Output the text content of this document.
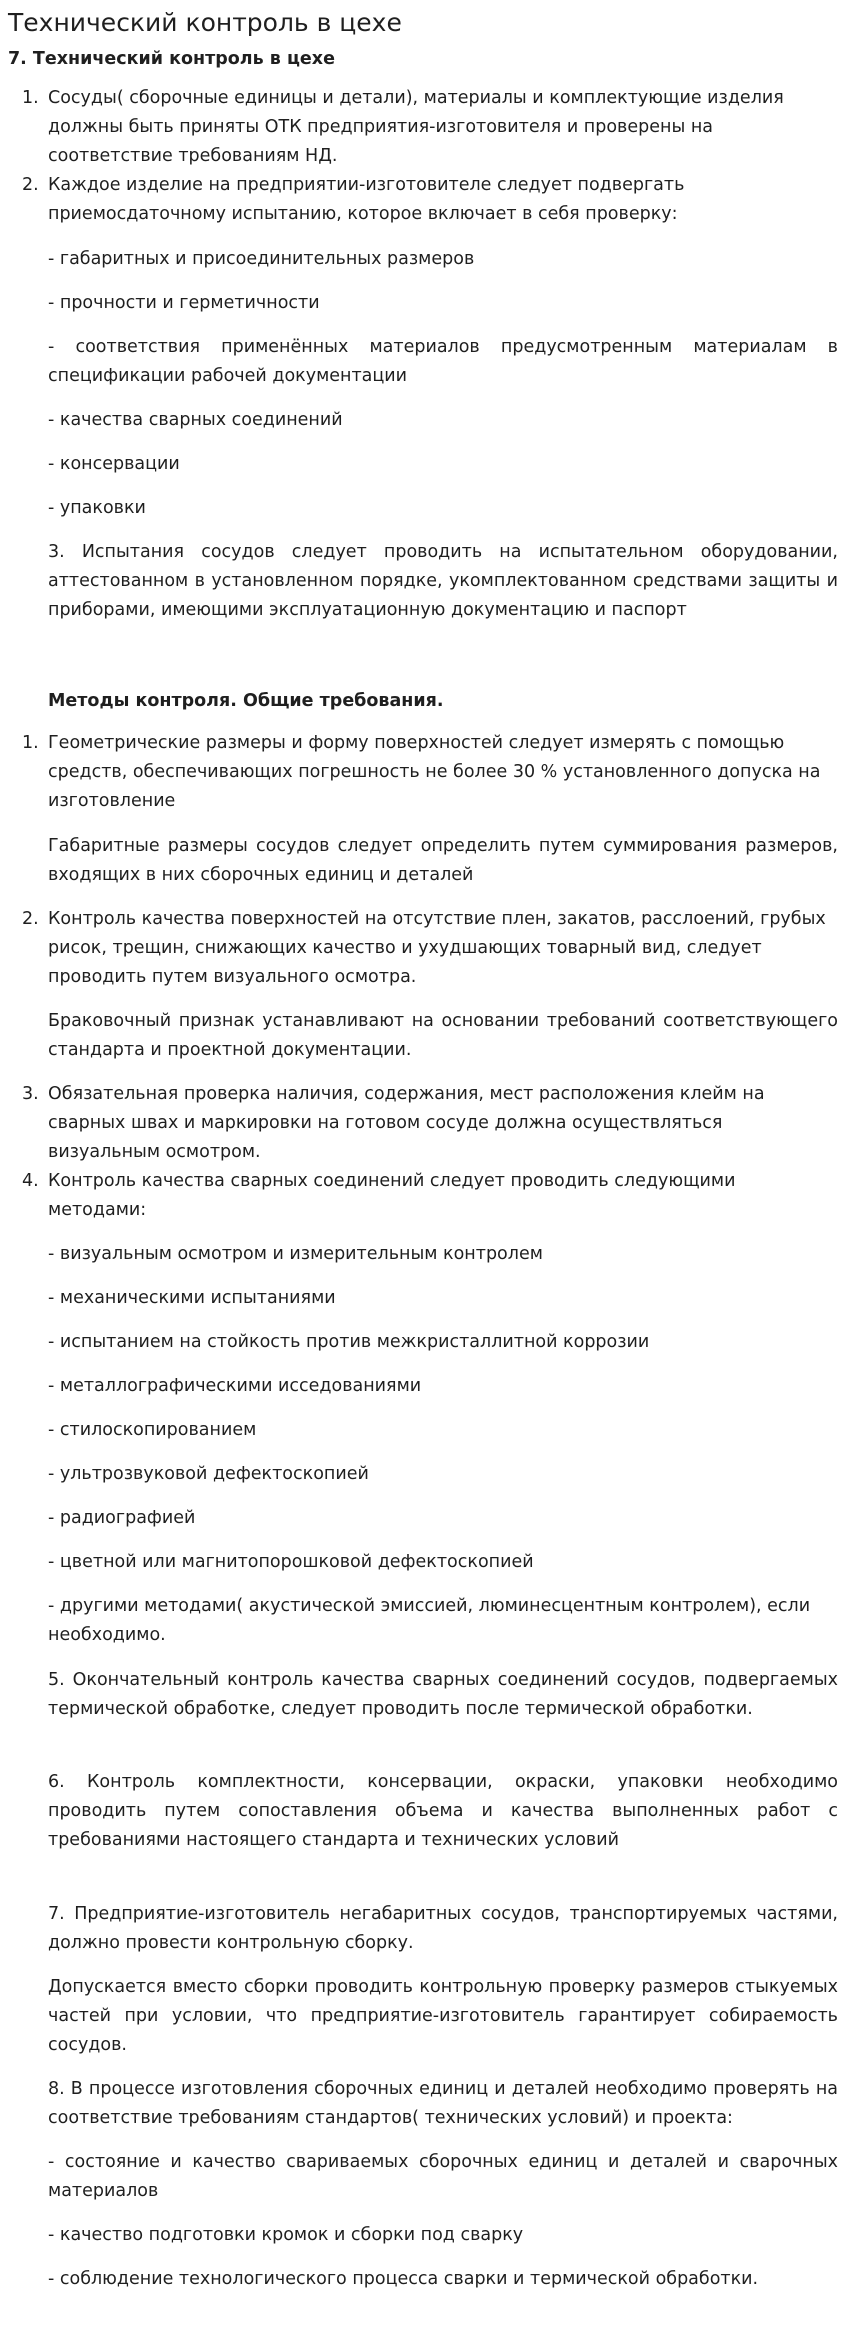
Технический контроль в цехе
7. Технический контроль в цехе
1. Сосуды( сборочные единицы и детали), материалы и комплектующие изделия должны быть приняты ОТК предприятия-изготовителя и проверены на соответствие требованиям НД.
2. Каждое изделие на предприятии-изготовителе следует подвергать приемосдаточному испытанию, которое включает в себя проверку:
- габаритных и присоединительных размеров
- прочности и герметичности
- соответствия применённых материалов предусмотренным материалам в спецификации рабочей документации
- качества сварных соединений
- консервации
- упаковки
3. Испытания сосудов следует проводить на испытательном оборудовании, аттестованном в установленном порядке, укомплектованном средствами защиты и приборами, имеющими эксплуатационную документацию и паспорт
Методы контроля. Общие требования.
1. Геометрические размеры и форму поверхностей следует измерять с помощью средств, обеспечивающих погрешность не более 30 % установленного допуска на изготовление
Габаритные размеры сосудов следует определить путем суммирования размеров, входящих в них сборочных единиц и деталей
2. Контроль качества поверхностей на отсутствие плен, закатов, расслоений, грубых рисок, трещин, снижающих качество и ухудшающих товарный вид, следует проводить путем визуального осмотра.
Браковочный признак устанавливают на основании требований соответствующего стандарта и проектной документации.
3. Обязательная проверка наличия, содержания, мест расположения клейм на сварных швах и маркировки на готовом сосуде должна осуществляться визуальным осмотром.
4. Контроль качества сварных соединений следует проводить следующими методами:
- визуальным осмотром и измерительным контролем
- механическими испытаниями
- испытанием на стойкость против межкристаллитной коррозии
- металлографическими исседованиями
- стилоскопированием
- ультрозвуковой дефектоскопией
- радиографией
- цветной или магнитопорошковой дефектоскопией
- другими методами( акустической эмиссией, люминесцентным контролем), если необходимо.
5. Окончательный контроль качества сварных соединений сосудов, подвергаемых термической обработке, следует проводить после термической обработки.
6. Контроль комплектности, консервации, окраски, упаковки необходимо проводить путем сопоставления объема и качества выполненных работ с требованиями настоящего стандарта и технических условий
7. Предприятие-изготовитель негабаритных сосудов, транспортируемых частями, должно провести контрольную сборку.
Допускается вместо сборки проводить контрольную проверку размеров стыкуемых частей при условии, что предприятие-изготовитель гарантирует собираемость сосудов.
8. В процессе изготовления сборочных единиц и деталей необходимо проверять на соответствие требованиям стандартов( технических условий) и проекта:
- состояние и качество свариваемых сборочных единиц и деталей и сварочных материалов
- качество подготовки кромок и сборки под сварку
- соблюдение технологического процесса сварки и термической обработки.
